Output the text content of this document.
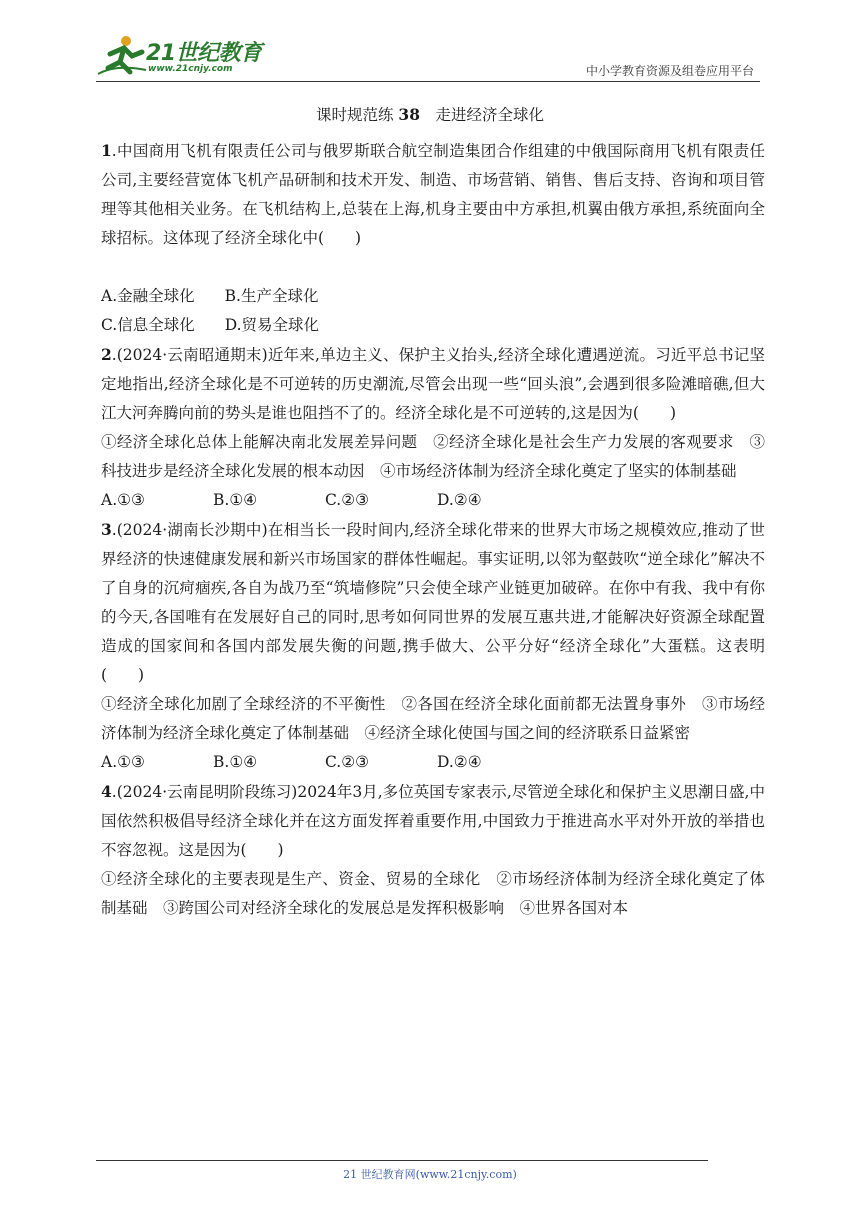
21世纪教育
www.21cnjy.com	中小学教育资源及组卷应用平台
课时规范练 38　 走进经济全球化

1.中国商用飞机有限责任公司与俄罗斯联合航空制造集团合作组建的中俄国际商用飞机有限责任公司,主要经营宽体飞机产品研制和技术开发、制造、市场营销、销售、售后支持、咨询和项目管理等其他相关业务。在飞机结构上,总装在上海,机身主要由中方承担,机翼由俄方承担,系统面向全球招标。这体现了经济全球化中(　　)

A.金融全球化 B.生产全球化
C.信息全球化 D.贸易全球化

2.(2024·云南昭通期末)近年来,单边主义、保护主义抬头,经济全球化遭遇逆流。习近平总书记坚定地指出,经济全球化是不可逆转的历史潮流,尽管会出现一些“回头浪”,会遇到很多险滩暗礁,但大江大河奔腾向前的势头是谁也阻挡不了的。经济全球化是不可逆转的,这是因为(　　)

①经济全球化总体上能解决南北发展差异问题　②经济全球化是社会生产力发展的客观要求　③科技进步是经济全球化发展的根本动因　④市场经济体制为经济全球化奠定了坚实的体制基础

A.①③	B.①④	C.②③	D.②④

3.(2024·湖南长沙期中)在相当长一段时间内,经济全球化带来的世界大市场之规模效应,推动了世界经济的快速健康发展和新兴市场国家的群体性崛起。事实证明,以邻为壑鼓吹“逆全球化”解决不了自身的沉疴痼疾,各自为战乃至“筑墙修院”只会使全球产业链更加破碎。在你中有我、我中有你的今天,各国唯有在发展好自己的同时,思考如何同世界的发展互惠共进,才能解决好资源全球配置造成的国家间和各国内部发展失衡的问题,携手做大、公平分好“经济全球化”大蛋糕。这表明(　　)

①经济全球化加剧了全球经济的不平衡性　②各国在经济全球化面前都无法置身事外　③市场经济体制为经济全球化奠定了体制基础　④经济全球化使国与国之间的经济联系日益紧密

A.①③	B.①④	C.②③	D.②④

4.(2024·云南昆明阶段练习)2024年3月,多位英国专家表示,尽管逆全球化和保护主义思潮日盛,中国依然积极倡导经济全球化并在这方面发挥着重要作用,中国致力于推进高水平对外开放的举措也不容忽视。这是因为(　　)

①经济全球化的主要表现是生产、资金、贸易的全球化　②市场经济体制为经济全球化奠定了体制基础　③跨国公司对经济全球化的发展总是发挥积极影响　④世界各国对本

21 世纪教育网(www.21cnjy.com)
